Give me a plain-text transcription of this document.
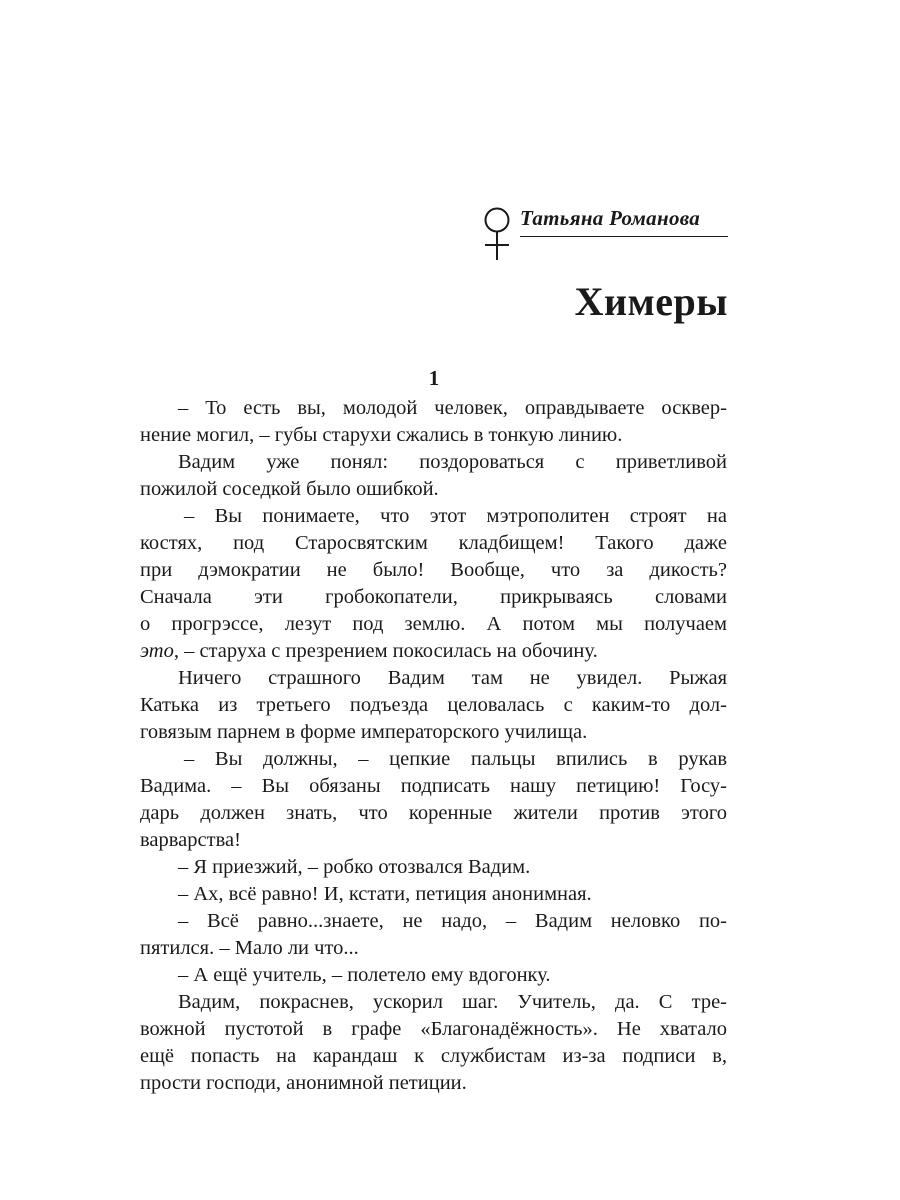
Татьяна Романова
Химеры
1
– То есть вы, молодой человек, оправдываете осквер-
нение могил, – губы старухи сжались в тонкую линию.
Вадим уже понял: поздороваться с приветливой
пожилой соседкой было ошибкой.
– Вы понимаете, что этот мэтрополитен строят на
костях, под Старосвятским кладбищем! Такого даже
при дэмократии не было! Вообще, что за дикость?
Сначала эти гробокопатели, прикрываясь словами
о прогрэссе, лезут под землю. А потом мы получаем
это, – старуха с презрением покосилась на обочину.
Ничего страшного Вадим там не увидел. Рыжая
Катька из третьего подъезда целовалась с каким-то дол-
говязым парнем в форме императорского училища.
– Вы должны, – цепкие пальцы впились в рукав
Вадима. – Вы обязаны подписать нашу петицию! Госу-
дарь должен знать, что коренные жители против этого
варварства!
– Я приезжий, – робко отозвался Вадим.
– Ах, всё равно! И, кстати, петиция анонимная.
– Всё равно...знаете, не надо, – Вадим неловко по-
пятился. – Мало ли что...
– А ещё учитель, – полетело ему вдогонку.
Вадим, покраснев, ускорил шаг. Учитель, да. С тре-
вожной пустотой в графе «Благонадёжность». Не хватало
ещё попасть на карандаш к службистам из-за подписи в,
прости господи, анонимной петиции.
